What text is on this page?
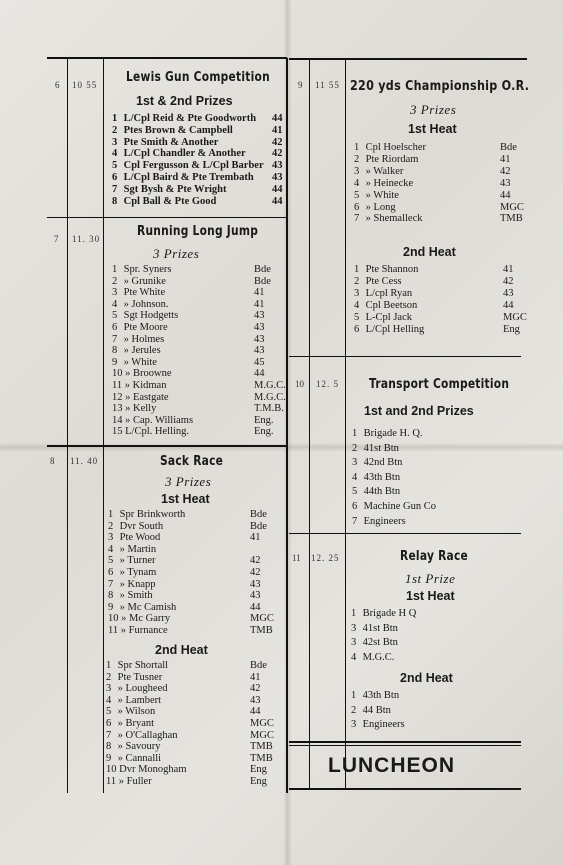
6 10 55 Lewis Gun Competition
1st & 2nd Prizes
1 L/Cpl Reid & Pte Goodworth 44
2 Ptes Brown & Campbell	41
3 Pte Smith & Another	42
4 L/Cpl Chandler & Another	42
5 Cpl Fergusson & L/Cpl Barber 43
6 L/Cpl Baird & Pte Trembath 43
7 Sgt Bysh & Pte Wright	44
8 Cpl Ball & Pte Good	44
7 11. 30	Running Long Jump
3 Prizes
1 Spr. Syners	Bde
2 » Grunike	Bde
3 Pte White	41
4 » Johnson.	41
5 Sgt Hodgetts	43
6 Pte Moore	43
7 » Holmes	43
8 » Jerules	43
9 » White	45
10 » Broowne	44
11 » Kidman	M.G.C.
12 » Eastgate	M.G.C.
13 » Kelly	T.M.B.
14 » Cap. Williams	Eng.
15 L/Cpl. Helling.	Eng.
8 11. 40	Sack Race
3 Prizes
1st Heat
1 Spr Brinkworth	Bde
2 Dvr South	Bde
3 Pte Wood	41
4 » Martin
5 » Turner	42
6 » Tynam	42
7 » Knapp	43
8 » Smith	43
9 » Mc Camish	44
10 » Mc Garry	MGC
11 » Furnance	TMB
2nd Heat
1 Spr Shortall	Bde
2 Pte Tusner	41
3 » Lougheed	42
4 » Lambert	43
5 » Wilson	44
6 » Bryant	MGC
7 » O'Callaghan	MGC
8 » Savoury	TMB
9 » Cannalli	TMB
10 Dvr Monogham	Eng
11 » Fuller	Eng
9 11 55 220 yds Championship O.R.
3 Prizes
1st Heat
1 Cpl Hoelscher	Bde
2 Pte Riordam	41
3 » Walker	42
4 » Heinecke	43
5 » White	44
6 » Long	MGC
7 » Shemalleck	TMB
2nd Heat
1 Pte Shannon	41
2 Pte Cess	42
3 L/cpl Ryan	43
4 Cpl Beetson	44
5 L-Cpl Jack	MGC
6 L/Cpl Helling	Eng
10 12. 5 Transport Competition
1st and 2nd Prizes
1 Brigade H. Q.
2 41st Btn
3 42nd Btn
4 43th Btn
5 44th Btn
6 Machine Gun Co
7 Engineers
11 12. 25	Relay Race
1st Prize
1st Heat
1 Brigade H Q
3 41st Btn
3 42st Btn
4 M.G.C.
2nd Heat
1 43th Btn
2 44 Btn
3 Engineers
LUNCHEON
